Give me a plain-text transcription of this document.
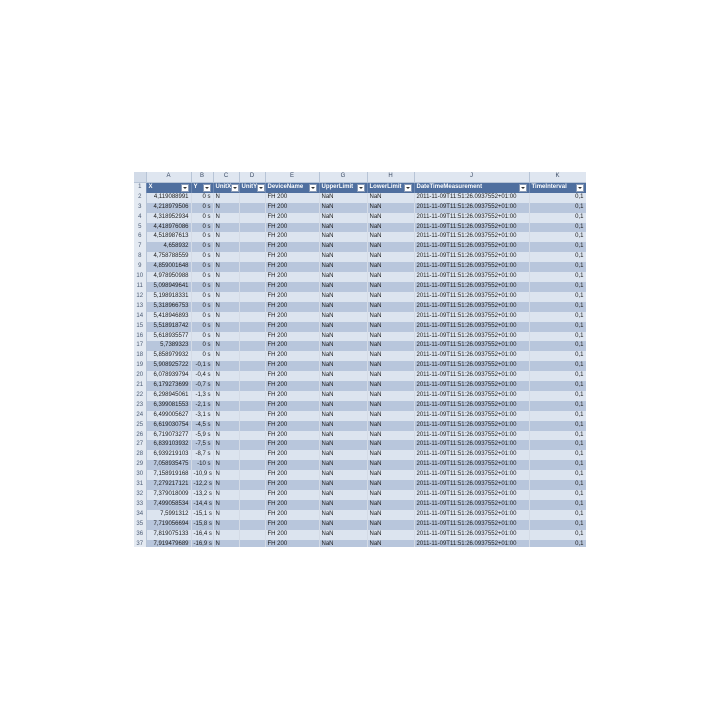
	A	B	C	D	E	G	H	J	K
1	X	Y	UnitX	UnitY	DeviceName	UpperLimit	LowerLimit	DateTimeMeasurement	TimeInterval

2	4,119088991	0 s	N		FH 200	NaN	NaN	2011-11-09T11:51:26.0937552+01:00	0,1
3	4,218979506	0 s	N		FH 200	NaN	NaN	2011-11-09T11:51:26.0937552+01:00	0,1
4	4,318952934	0 s	N		FH 200	NaN	NaN	2011-11-09T11:51:26.0937552+01:00	0,1
5	4,418976086	0 s	N		FH 200	NaN	NaN	2011-11-09T11:51:26.0937552+01:00	0,1
6	4,518987613	0 s	N		FH 200	NaN	NaN	2011-11-09T11:51:26.0937552+01:00	0,1
7	4,658932	0 s	N		FH 200	NaN	NaN	2011-11-09T11:51:26.0937552+01:00	0,1
8	4,758788559	0 s	N		FH 200	NaN	NaN	2011-11-09T11:51:26.0937552+01:00	0,1
9	4,859001648	0 s	N		FH 200	NaN	NaN	2011-11-09T11:51:26.0937552+01:00	0,1
10	4,978950988	0 s	N		FH 200	NaN	NaN	2011-11-09T11:51:26.0937552+01:00	0,1
11	5,098949641	0 s	N		FH 200	NaN	NaN	2011-11-09T11:51:26.0937552+01:00	0,1
12	5,198918331	0 s	N		FH 200	NaN	NaN	2011-11-09T11:51:26.0937552+01:00	0,1
13	5,318966753	0 s	N		FH 200	NaN	NaN	2011-11-09T11:51:26.0937552+01:00	0,1
14	5,418946893	0 s	N		FH 200	NaN	NaN	2011-11-09T11:51:26.0937552+01:00	0,1
15	5,518918742	0 s	N		FH 200	NaN	NaN	2011-11-09T11:51:26.0937552+01:00	0,1
16	5,618935577	0 s	N		FH 200	NaN	NaN	2011-11-09T11:51:26.0937552+01:00	0,1
17	5,7389323	0 s	N		FH 200	NaN	NaN	2011-11-09T11:51:26.0937552+01:00	0,1
18	5,858979932	0 s	N		FH 200	NaN	NaN	2011-11-09T11:51:26.0937552+01:00	0,1
19	5,908925722	-0,1 s	N		FH 200	NaN	NaN	2011-11-09T11:51:26.0937552+01:00	0,1
20	6,078939794	-0,4 s	N		FH 200	NaN	NaN	2011-11-09T11:51:26.0937552+01:00	0,1
21	6,179273699	-0,7 s	N		FH 200	NaN	NaN	2011-11-09T11:51:26.0937552+01:00	0,1
22	6,298945061	-1,3 s	N		FH 200	NaN	NaN	2011-11-09T11:51:26.0937552+01:00	0,1
23	6,399081553	-2,1 s	N		FH 200	NaN	NaN	2011-11-09T11:51:26.0937552+01:00	0,1
24	6,499005627	-3,1 s	N		FH 200	NaN	NaN	2011-11-09T11:51:26.0937552+01:00	0,1
25	6,619030754	-4,5 s	N		FH 200	NaN	NaN	2011-11-09T11:51:26.0937552+01:00	0,1
26	6,719073277	-5,9 s	N		FH 200	NaN	NaN	2011-11-09T11:51:26.0937552+01:00	0,1
27	6,839103932	-7,5 s	N		FH 200	NaN	NaN	2011-11-09T11:51:26.0937552+01:00	0,1
28	6,939219103	-8,7 s	N		FH 200	NaN	NaN	2011-11-09T11:51:26.0937552+01:00	0,1
29	7,058935475	-10 s	N		FH 200	NaN	NaN	2011-11-09T11:51:26.0937552+01:00	0,1
30	7,158919168	-10,9 s	N		FH 200	NaN	NaN	2011-11-09T11:51:26.0937552+01:00	0,1
31	7,279217121	-12,2 s	N		FH 200	NaN	NaN	2011-11-09T11:51:26.0937552+01:00	0,1
32	7,379018009	-13,2 s	N		FH 200	NaN	NaN	2011-11-09T11:51:26.0937552+01:00	0,1
33	7,499058534	-14,4 s	N		FH 200	NaN	NaN	2011-11-09T11:51:26.0937552+01:00	0,1
34	7,5991312	-15,1 s	N		FH 200	NaN	NaN	2011-11-09T11:51:26.0937552+01:00	0,1
35	7,719056694	-15,8 s	N		FH 200	NaN	NaN	2011-11-09T11:51:26.0937552+01:00	0,1
36	7,819075133	-16,4 s	N		FH 200	NaN	NaN	2011-11-09T11:51:26.0937552+01:00	0,1
37	7,919479689	-16,9 s	N		FH 200	NaN	NaN	2011-11-09T11:51:26.0937552+01:00	0,1
